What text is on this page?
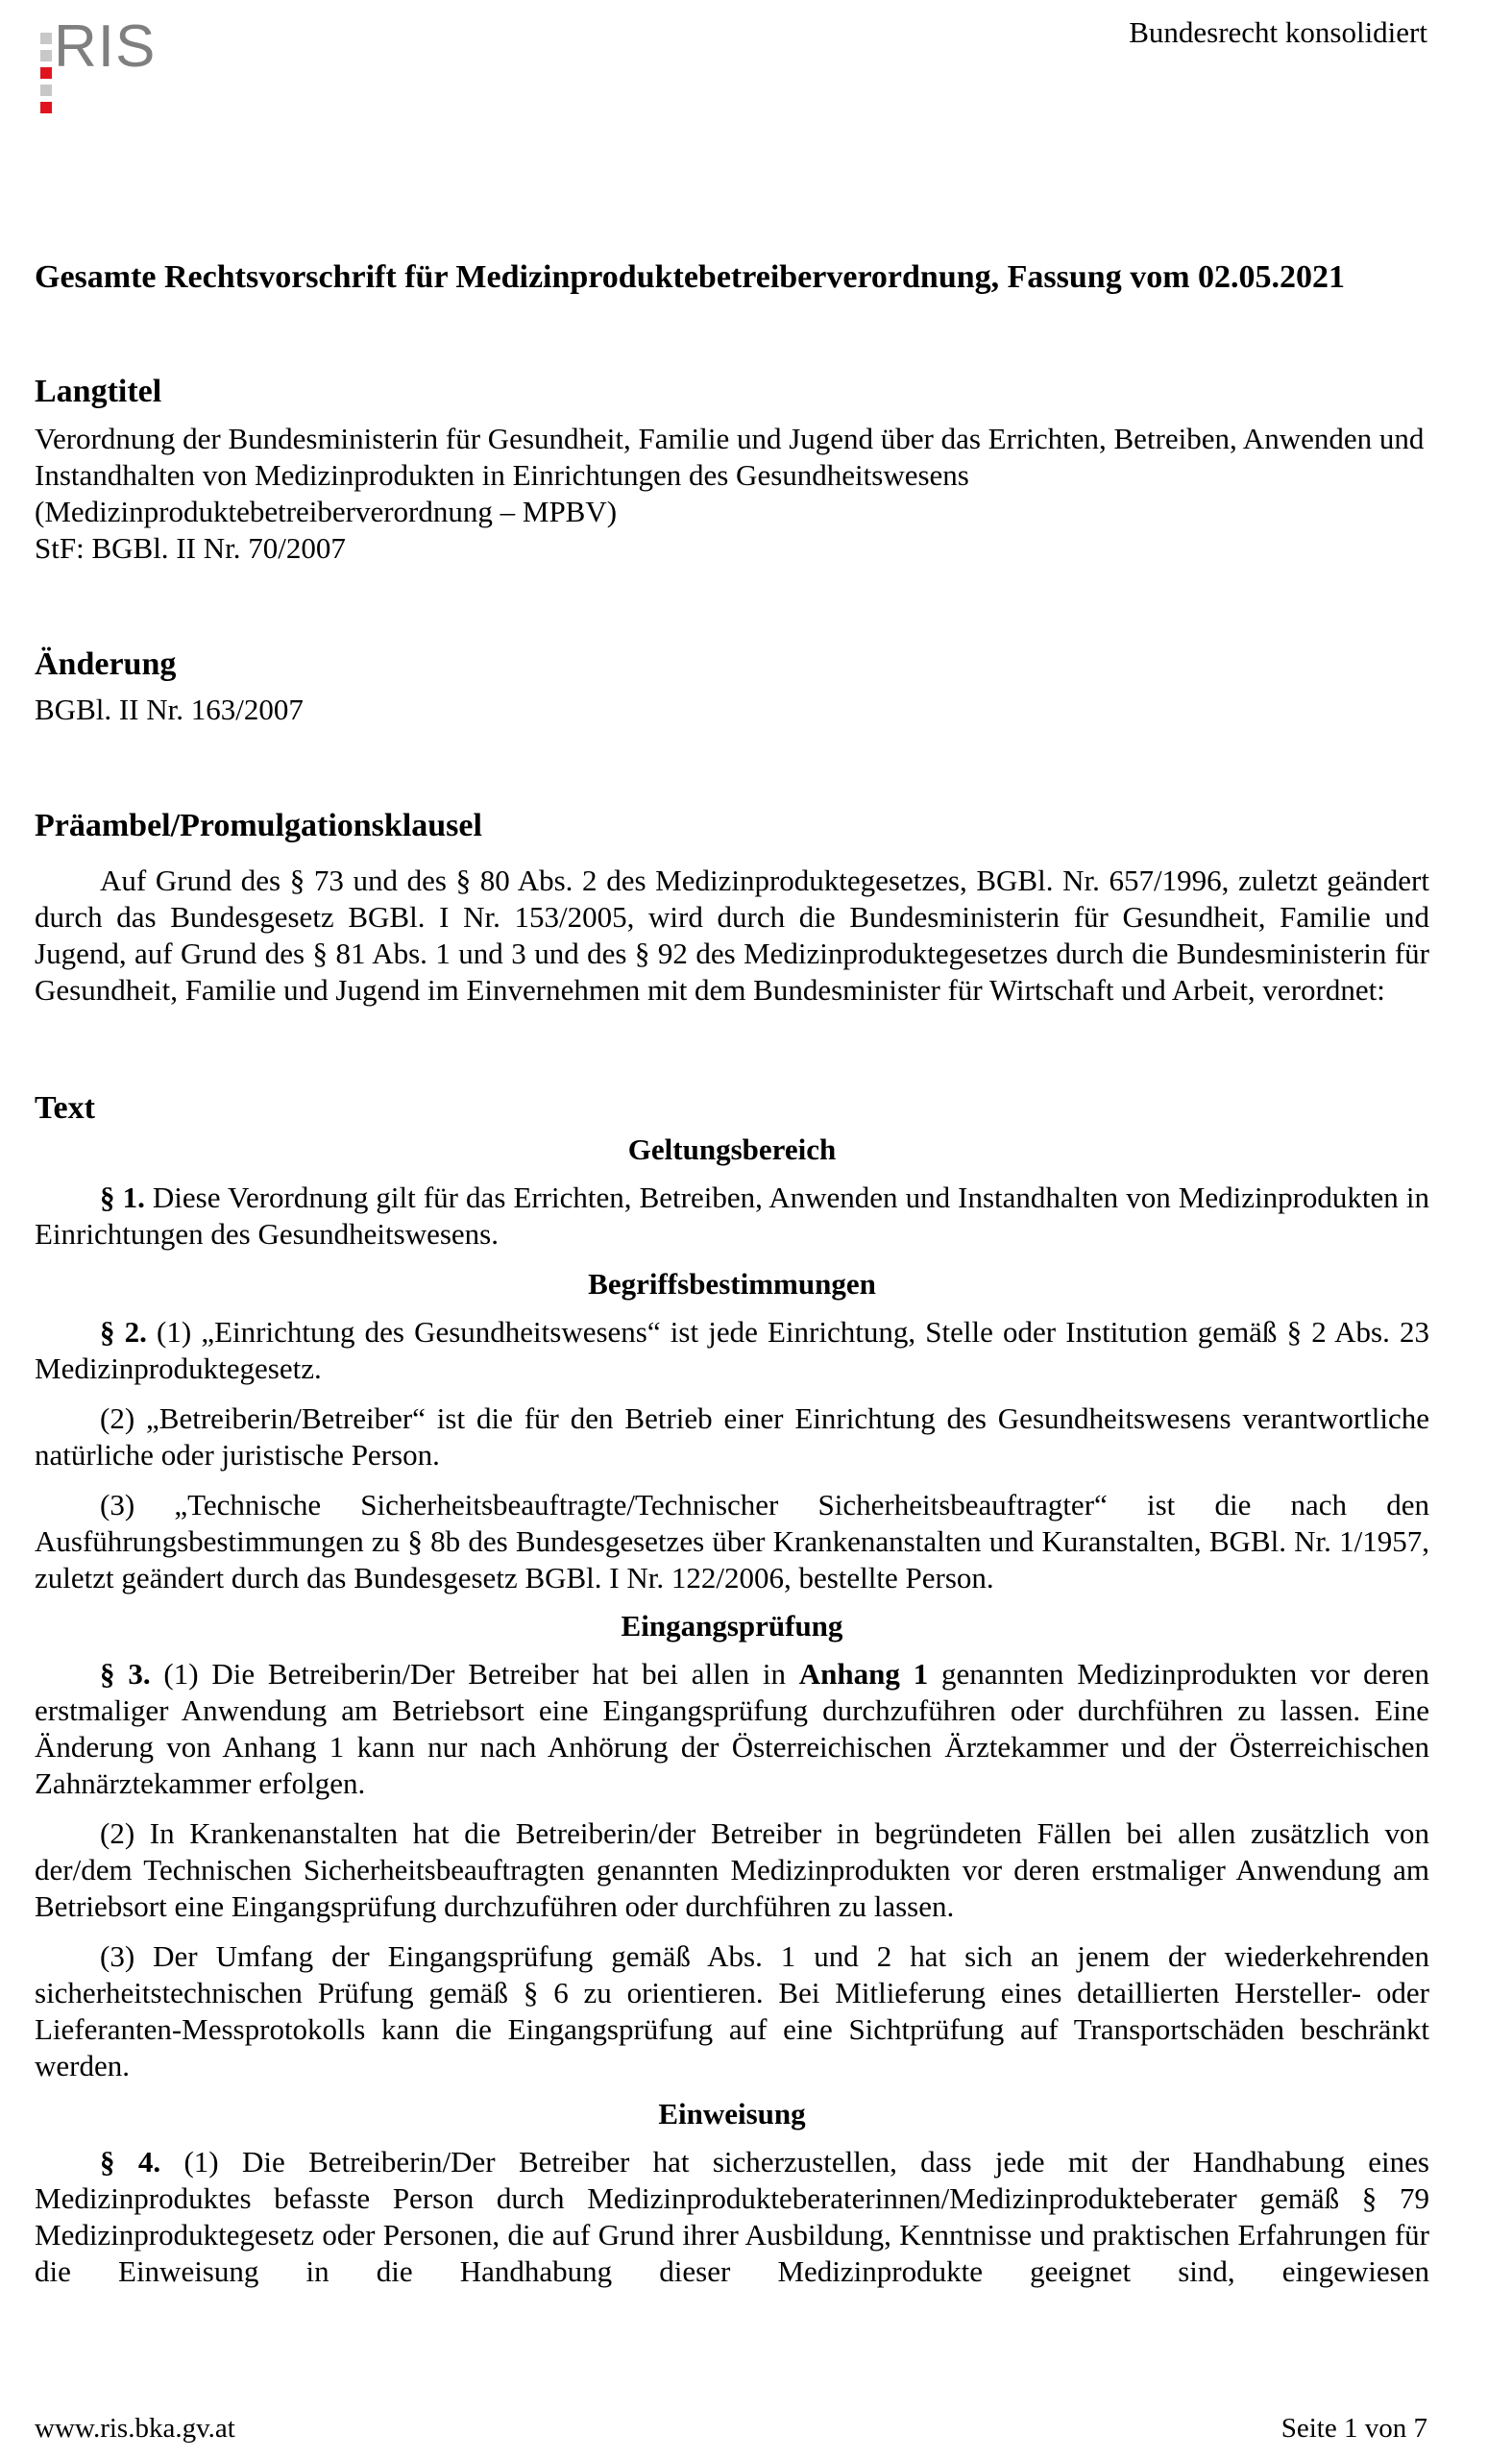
RIS	Bundesrecht konsolidiert

Gesamte Rechtsvorschrift für Medizinproduktebetreiberverordnung, Fassung vom 02.05.2021

Langtitel

Verordnung der Bundesministerin für Gesundheit, Familie und Jugend über das Errichten, Betreiben, Anwenden und Instandhalten von Medizinprodukten in Einrichtungen des Gesundheitswesens (Medizinproduktebetreiberverordnung – MPBV)

StF: BGBl. II Nr. 70/2007

Änderung

BGBl. II Nr. 163/2007

Präambel/Promulgationsklausel

Auf Grund des § 73 und des § 80 Abs. 2 des Medizinproduktegesetzes, BGBl. Nr. 657/1996, zuletzt geändert durch das Bundesgesetz BGBl. I Nr. 153/2005, wird durch die Bundesministerin für Gesundheit, Familie und Jugend, auf Grund des § 81 Abs. 1 und 3 und des § 92 des Medizinproduktegesetzes durch die Bundesministerin für Gesundheit, Familie und Jugend im Einvernehmen mit dem Bundesminister für Wirtschaft und Arbeit, verordnet:

Text

Geltungsbereich

§ 1. Diese Verordnung gilt für das Errichten, Betreiben, Anwenden und Instandhalten von Medizinprodukten in Einrichtungen des Gesundheitswesens.

Begriffsbestimmungen

§ 2. (1) „Einrichtung des Gesundheitswesens“ ist jede Einrichtung, Stelle oder Institution gemäß § 2 Abs. 23 Medizinproduktegesetz.

(2) „Betreiberin/Betreiber“ ist die für den Betrieb einer Einrichtung des Gesundheitswesens verantwortliche natürliche oder juristische Person.

(3) „Technische Sicherheitsbeauftragte/Technischer Sicherheitsbeauftragter“ ist die nach den Ausführungsbestimmungen zu § 8b des Bundesgesetzes über Krankenanstalten und Kuranstalten, BGBl. Nr. 1/1957, zuletzt geändert durch das Bundesgesetz BGBl. I Nr. 122/2006, bestellte Person.

Eingangsprüfung

§ 3. (1) Die Betreiberin/Der Betreiber hat bei allen in Anhang 1 genannten Medizinprodukten vor deren erstmaliger Anwendung am Betriebsort eine Eingangsprüfung durchzuführen oder durchführen zu lassen. Eine Änderung von Anhang 1 kann nur nach Anhörung der Österreichischen Ärztekammer und der Österreichischen Zahnärztekammer erfolgen.

(2) In Krankenanstalten hat die Betreiberin/der Betreiber in begründeten Fällen bei allen zusätzlich von der/dem Technischen Sicherheitsbeauftragten genannten Medizinprodukten vor deren erstmaliger Anwendung am Betriebsort eine Eingangsprüfung durchzuführen oder durchführen zu lassen.

(3) Der Umfang der Eingangsprüfung gemäß Abs. 1 und 2 hat sich an jenem der wiederkehrenden sicherheitstechnischen Prüfung gemäß § 6 zu orientieren. Bei Mitlieferung eines detaillierten Hersteller- oder Lieferanten-Messprotokolls kann die Eingangsprüfung auf eine Sichtprüfung auf Transportschäden beschränkt werden.

Einweisung

§ 4. (1) Die Betreiberin/Der Betreiber hat sicherzustellen, dass jede mit der Handhabung eines Medizinproduktes befasste Person durch Medizinprodukteberaterinnen/Medizinprodukteberater gemäß § 79 Medizinproduktegesetz oder Personen, die auf Grund ihrer Ausbildung, Kenntnisse und praktischen Erfahrungen für die Einweisung in die Handhabung dieser Medizinprodukte geeignet sind, eingewiesen

www.ris.bka.gv.at	Seite 1 von 7
